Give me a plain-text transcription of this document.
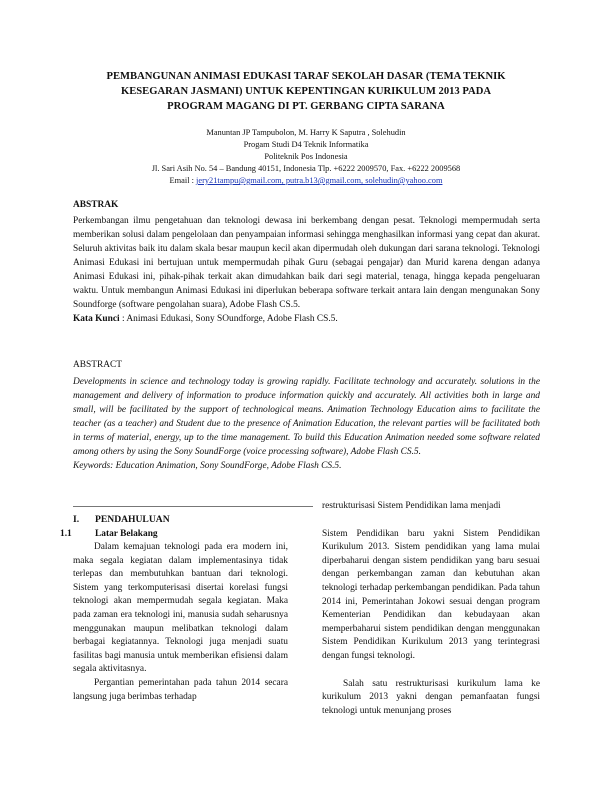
PEMBANGUNAN ANIMASI EDUKASI TARAF SEKOLAH DASAR (TEMA TEKNIK
KESEGARAN JASMANI) UNTUK KEPENTINGAN KURIKULUM 2013 PADA
PROGRAM MAGANG DI PT. GERBANG CIPTA SARANA
Manuntan JP Tampubolon, M. Harry K Saputra , Solehudin
Progam Studi D4 Teknik Informatika
Politeknik Pos Indonesia
Jl. Sari Asih No. 54 – Bandung 40151, Indonesia Tlp. +6222 2009570, Fax. +6222 2009568
Email : jery21tampu@gmail.com, putra.b13@gmail.com, solehudin@yahoo.com
ABSTRAK

Perkembangan ilmu pengetahuan dan teknologi dewasa ini berkembang dengan pesat. Teknologi mempermudah serta memberikan solusi dalam pengelolaan dan penyampaian informasi sehingga menghasilkan informasi yang cepat dan akurat. Seluruh aktivitas baik itu dalam skala besar maupun kecil akan dipermudah oleh dukungan dari sarana teknologi. Teknologi Animasi Edukasi ini bertujuan untuk mempermudah pihak Guru (sebagai pengajar) dan Murid karena dengan adanya Animasi Edukasi ini, pihak-pihak terkait akan dimudahkan baik dari segi material, tenaga, hingga kepada pengeluaran waktu. Untuk membangun Animasi Edukasi ini diperlukan beberapa software terkait antara lain dengan mengunakan Sony Soundforge (software pengolahan suara), Adobe Flash CS.5.

Kata Kunci : Animasi Edukasi, Sony SOundforge, Adobe Flash CS.5.

ABSTRACT

Developments in science and technology today is growing rapidly. Facilitate technology and accurately. solutions in the management and delivery of information to produce information quickly and accurately. All activities both in large and small, will be facilitated by the support of technological means. Animation Technology Education aims to facilitate the teacher (as a teacher) and Student due to the presence of Animation Education, the relevant parties will be facilitated both in terms of material, energy, up to the time management. To build this Education Animation needed some software related among others by using the Sony SoundForge (voice processing software), Adobe Flash CS.5.

Keywords: Education Animation, Sony SoundForge, Adobe Flash CS.5.

I. PENDAHULUAN
1.1 Latar Belakang

Dalam kemajuan teknologi pada era modern ini, maka segala kegiatan dalam implementasinya tidak terlepas dan membutuhkan bantuan dari teknologi. Sistem yang terkomputerisasi disertai korelasi fungsi teknologi akan mempermudah segala kegiatan. Maka pada zaman era teknologi ini, manusia sudah seharusnya menggunakan maupun melibatkan teknologi dalam berbagai kegiatannya. Teknologi juga menjadi suatu fasilitas bagi manusia untuk memberikan efisiensi dalam segala aktivitasnya.

Pergantian pemerintahan pada tahun 2014 secara langsung juga berimbas terhadap

restrukturisasi Sistem Pendidikan lama menjadi

Sistem Pendidikan baru yakni Sistem Pendidikan Kurikulum 2013. Sistem pendidikan yang lama mulai diperbaharui dengan sistem pendidikan yang baru sesuai dengan perkembangan zaman dan kebutuhan akan teknologi terhadap perkembangan pendidikan. Pada tahun 2014 ini, Pemerintahan Jokowi sesuai dengan program Kementerian Pendidikan dan kebudayaan akan memperbaharui sistem pendidikan dengan menggunakan Sistem Pendidikan Kurikulum 2013 yang terintegrasi dengan fungsi teknologi.

Salah satu restrukturisasi kurikulum lama ke kurikulum 2013 yakni dengan pemanfaatan fungsi teknologi untuk menunjang proses
